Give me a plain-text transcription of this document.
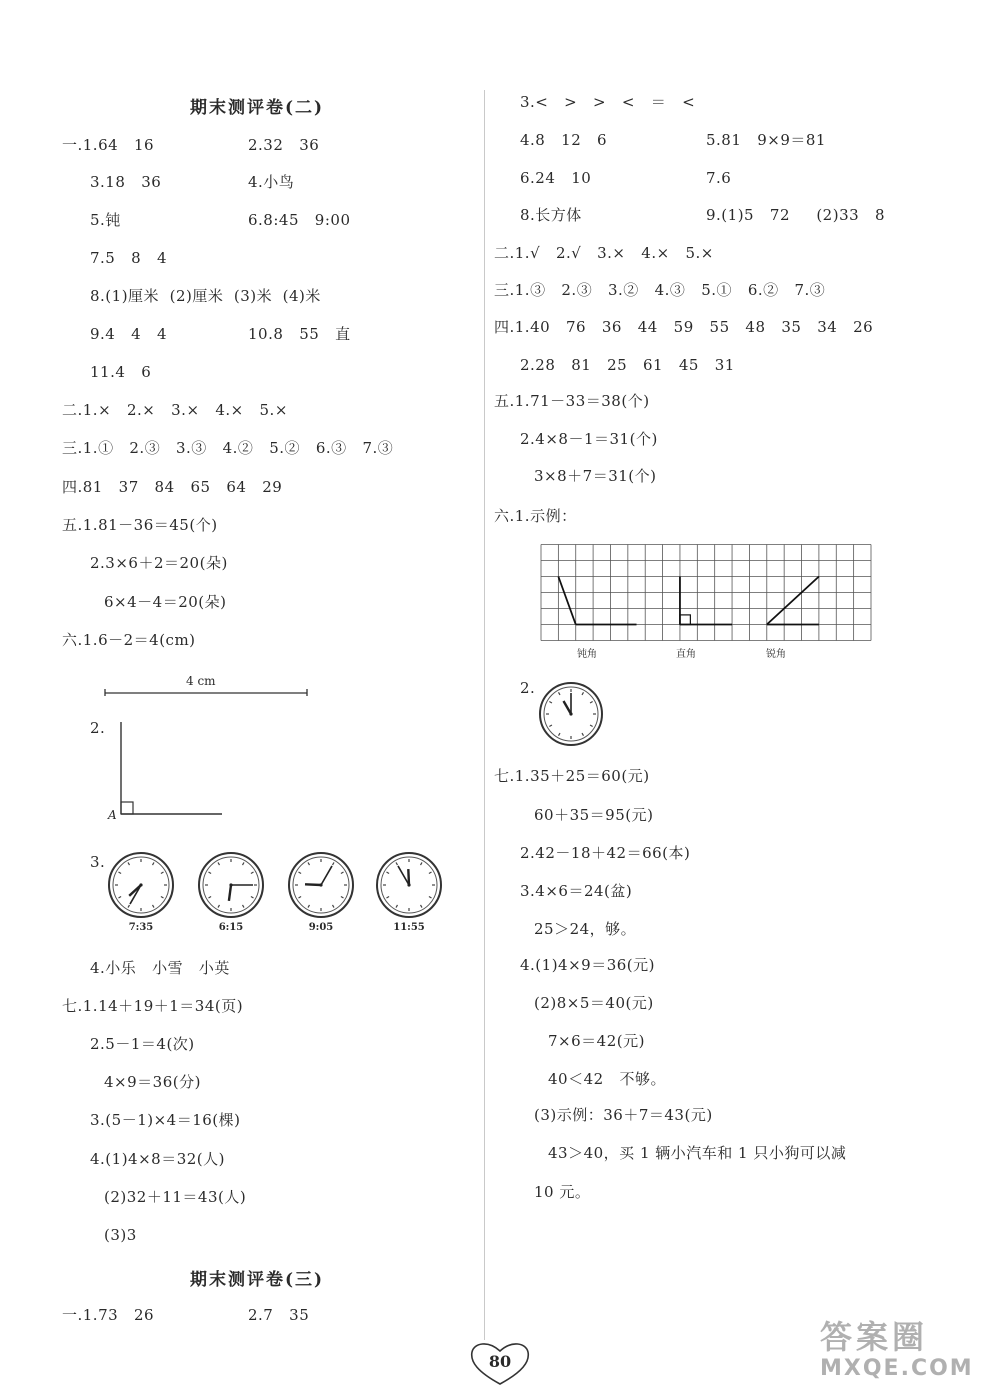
期末测评卷(二)
一.1.64   16	2.32   36
3.18   36	4.小鸟
5.钝	6.8:45   9:00
7.5   8   4
8.(1)厘米  (2)厘米  (3)米  (4)米
9.4   4   4	10.8   55   直
11.4   6
二.1.×   2.×   3.×   4.×   5.×
三.1.①   2.③   3.③   4.②   5.②   6.③   7.③
四.81   37   84   65   64   29
五.1.81－36＝45(个)
2.3×6＋2＝20(朵)
6×4－4＝20(朵)
六.1.6－2＝4(cm)
4 cm
2.
A
3.
7:35	6:15	9:05	11:55
4.小乐   小雪   小英
七.1.14＋19＋1＝34(页)
2.5－1＝4(次)
4×9＝36(分)
3.(5－1)×4＝16(棵)
4.(1)4×8＝32(人)
(2)32＋11＝43(人)
(3)3
期末测评卷(三)
一.1.73   26	2.7   35
3.<   >   >   <   ＝   <
4.8   12   6	5.81   9×9＝81
6.24   10	7.6
8.长方体	9.(1)5   72     (2)33   8
二.1.√   2.√   3.×   4.×   5.×
三.1.③   2.③   3.②   4.③   5.①   6.②   7.③
四.1.40   76   36   44   59   55   48   35   34   26
2.28   81   25   61   45   31
五.1.71－33＝38(个)
2.4×8－1＝31(个)
3×8＋7＝31(个)
六.1.示例：
钝角	直角	锐角
2.
七.1.35＋25＝60(元)
60＋35＝95(元)
2.42－18＋42＝66(本)
3.4×6＝24(盆)
25＞24，够。
4.(1)4×9＝36(元)
(2)8×5＝40(元)
7×6＝42(元)
40＜42   不够。
(3)示例：36＋7＝43(元)
43＞40，买 1 辆小汽车和 1 只小狗可以减
10 元。
80
答案圈
MXQE.COM
